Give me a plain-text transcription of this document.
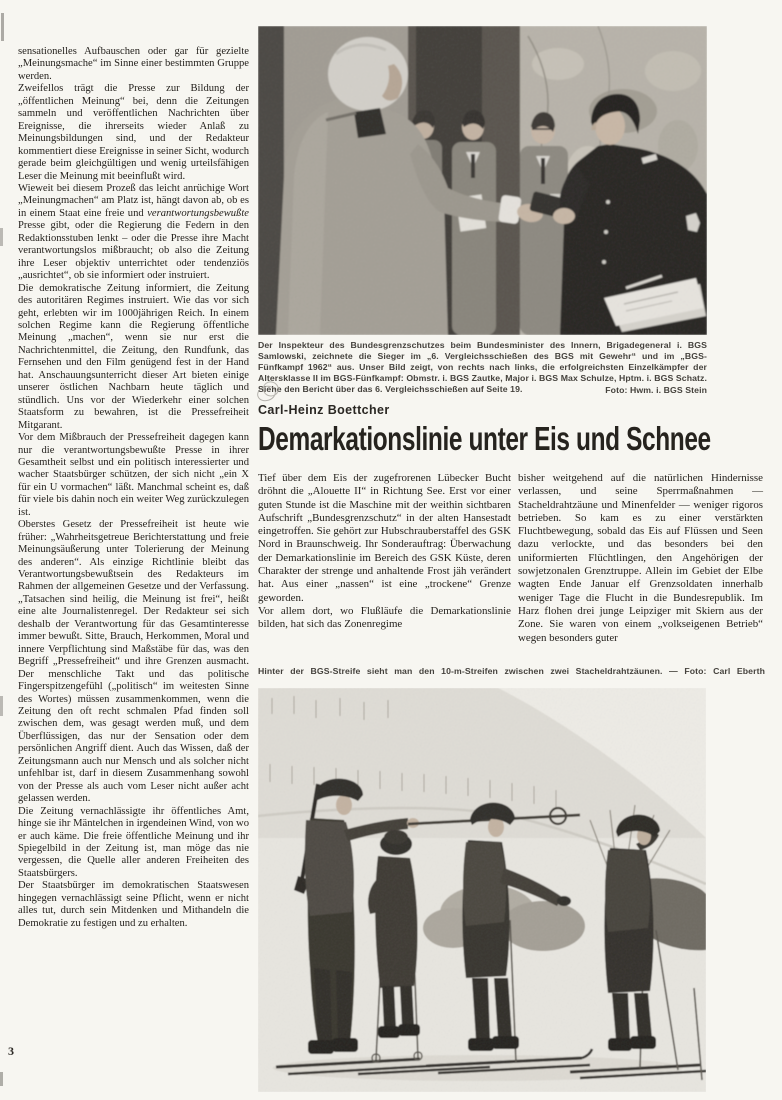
sensationelles Aufbauschen oder gar für gezielte „Meinungsmache“ im Sinne einer bestimmten Gruppe werden.

Zweifellos trägt die Presse zur Bildung der „öffentlichen Meinung“ bei, denn die Zeitungen sammeln und veröffentlichen Nachrichten über Ereignisse, die ihrerseits wieder Anlaß zu Meinungsbildungen sind, und der Redakteur kommentiert diese Ereignisse in seiner Sicht, wodurch gerade beim gleichgültigen und wenig urteilsfähigen Leser die Meinung mit beeinflußt wird.

Wieweit bei diesem Prozeß das leicht anrüchige Wort „Meinungmachen“ am Platz ist, hängt davon ab, ob es in einem Staat eine freie und verantwortungsbewußte Presse gibt, oder die Regierung die Federn in den Redaktionsstuben lenkt – oder die Presse ihre Macht verantwortungslos mißbraucht; ob also die Zeitung ihre Leser objektiv unterrichtet oder tendenziös „ausrichtet“, ob sie informiert oder instruiert.

Die demokratische Zeitung informiert, die Zeitung des autoritären Regimes instruiert. Wie das vor sich geht, erlebten wir im 1000jährigen Reich. In einem solchen Regime kann die Regierung öffentliche Meinung „machen“, wenn sie nur erst die Nachrichtenmittel, die Zeitung, den Rundfunk, das Fernsehen und den Film genügend fest in der Hand hat. Anschauungsunterricht dieser Art bieten einige unserer östlichen Nachbarn heute täglich und stündlich. Uns vor der Wiederkehr einer solchen Staatsform zu bewahren, ist die Pressefreiheit Mitgarant.

Vor dem Mißbrauch der Pressefreiheit dagegen kann nur die verantwortungsbewußte Presse in ihrer Gesamtheit selbst und ein politisch interessierter und wacher Staatsbürger schützen, der sich nicht „ein X für ein U vormachen“ läßt. Manchmal scheint es, daß für viele bis dahin noch ein weiter Weg zurückzulegen ist.

Oberstes Gesetz der Pressefreiheit ist heute wie früher: „Wahrheitsgetreue Berichterstattung und freie Meinungsäußerung unter Tolerierung der Meinung des anderen“. Als einzige Richtlinie bleibt das Verantwortungsbewußtsein des Redakteurs im Rahmen der allgemeinen Gesetze und der Verfassung. „Tatsachen sind heilig, die Meinung ist frei“, heißt eine alte Journalistenregel. Der Redakteur sei sich deshalb der Verantwortung für das Gesamtinteresse immer bewußt. Sitte, Brauch, Herkommen, Moral und innere Verpflichtung sind Maßstäbe für das, was den Begriff „Pressefreiheit“ und ihre Grenzen ausmacht. Der menschliche Takt und das politische Fingerspitzengefühl („politisch“ im weitesten Sinne des Wortes) müssen zusammenkommen, wenn die Zeitung den oft recht schmalen Pfad finden soll zwischen dem, was gesagt werden muß, und dem Überflüssigen, das nur der Sensation oder dem persönlichen Angriff dient. Auch das Wissen, daß der Zeitungsmann auch nur Mensch und als solcher nicht unfehlbar ist, darf in diesem Zusammenhang sowohl von der Presse als auch vom Leser nicht außer acht gelassen werden.

Die Zeitung vernachlässigte ihr öffentliches Amt, hinge sie ihr Mäntelchen in irgendeinen Wind, von wo er auch käme. Die freie öffentliche Meinung und ihr Spiegelbild in der Zeitung ist, man möge das nie vergessen, die Quelle aller anderen Freiheiten des Staatsbürgers.

Der Staatsbürger im demokratischen Staatswesen hingegen vernachlässigt seine Pflicht, wenn er nicht alles tut, durch sein Mitdenken und Mithandeln die Demokratie zu festigen und zu erhalten.

Der Inspekteur des Bundesgrenzschutzes beim Bundesminister des Innern, Brigadegeneral i. BGS Samlowski, zeichnete die Sieger im „6. Vergleichsschießen des BGS mit Gewehr“ und im „BGS-Fünfkampf 1962“ aus. Unser Bild zeigt, von rechts nach links, die erfolgreichsten Einzelkämpfer der Altersklasse II im BGS-Fünfkampf: Obmstr. i. BGS Zautke, Major i. BGS Max Schulze, Hptm. i. BGS Schatz. Siehe den Bericht über das 6. Vergleichsschießen auf Seite 19.	Foto: Hwm. i. BGS Stein
Carl-Heinz Boettcher
Demarkationslinie unter Eis und Schnee

Tief über dem Eis der zugefrorenen Lübecker Bucht dröhnt die „Alouette II“ in Richtung See. Erst vor einer guten Stunde ist die Maschine mit der weithin sichtbaren Aufschrift „Bundesgrenzschutz“ in der alten Hansestadt eingetroffen. Sie gehört zur Hubschrauberstaffel des GSK Nord in Braunschweig. Ihr Sonderauftrag: Überwachung der Demarkationslinie im Bereich des GSK Küste, deren Charakter der strenge und anhaltende Frost jäh verändert hat. Aus einer „nassen“ ist eine „trockene“ Grenze geworden.

Vor allem dort, wo Flußläufe die Demarkationslinie bilden, hat sich das Zonenregime

bisher weitgehend auf die natürlichen Hindernisse verlassen, und seine Sperrmaßnahmen — Stacheldrahtzäune und Minenfelder — weniger rigoros betrieben. So kam es zu einer verstärkten Fluchtbewegung, sobald das Eis auf Flüssen und Seen dazu verlockte, und das besonders bei den uniformierten Flüchtlingen, den Angehörigen der sowjetzonalen Grenztruppe. Allein im Gebiet der Elbe wagten Ende Januar elf Grenzsoldaten innerhalb weniger Tage die Flucht in die Bundesrepublik. Im Harz flohen drei junge Leipziger mit Skiern aus der Zone. Sie waren von einem „volkseigenen Betrieb“ wegen besonders guter

Hinter der BGS-Streife sieht man den 10-m-Streifen zwischen zwei Stacheldrahtzäunen. — Foto: Carl Eberth
3
